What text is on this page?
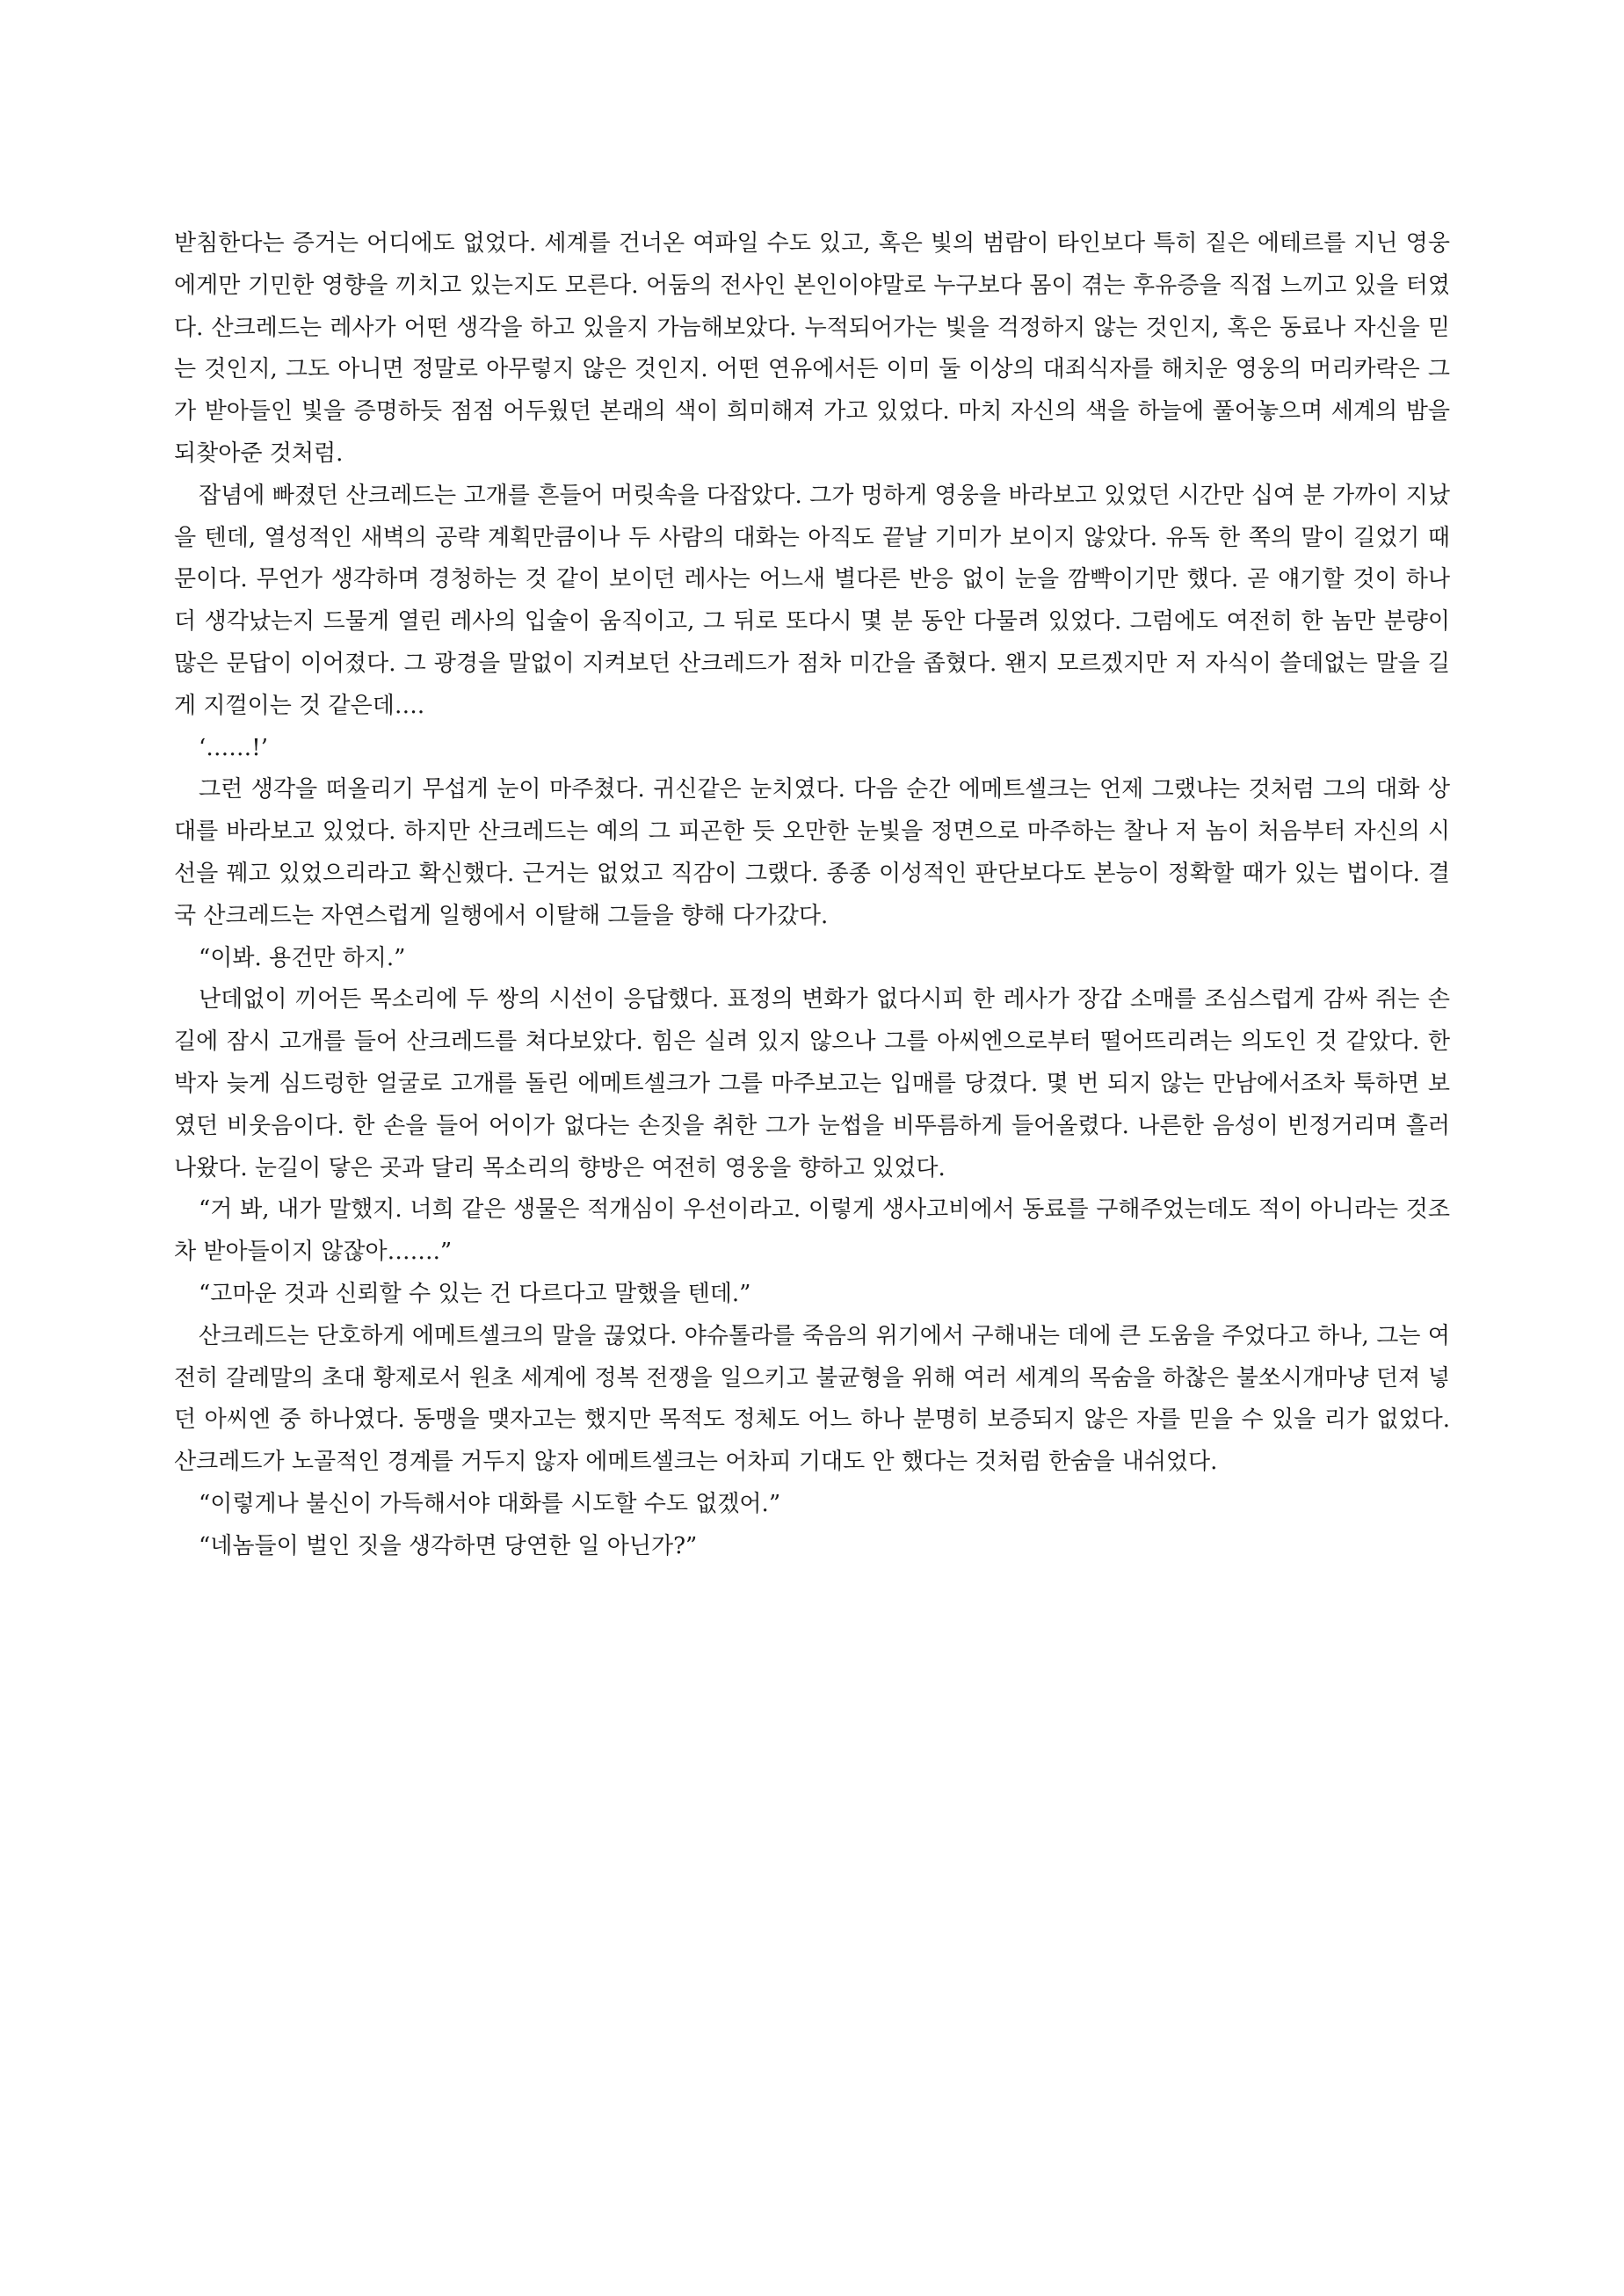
받침한다는 증거는 어디에도 없었다. 세계를 건너온 여파일 수도 있고, 혹은 빛의 범람이 타인보다 특히 짙은 에테르를 지닌 영웅에게만 기민한 영향을 끼치고 있는지도 모른다. 어둠의 전사인 본인이야말로 누구보다 몸이 겪는 후유증을 직접 느끼고 있을 터였다. 산크레드는 레사가 어떤 생각을 하고 있을지 가늠해보았다. 누적되어가는 빛을 걱정하지 않는 것인지, 혹은 동료나 자신을 믿는 것인지, 그도 아니면 정말로 아무렇지 않은 것인지. 어떤 연유에서든 이미 둘 이상의 대죄식자를 해치운 영웅의 머리카락은 그가 받아들인 빛을 증명하듯 점점 어두웠던 본래의 색이 희미해져 가고 있었다. 마치 자신의 색을 하늘에 풀어놓으며 세계의 밤을 되찾아준 것처럼.

잡념에 빠졌던 산크레드는 고개를 흔들어 머릿속을 다잡았다. 그가 멍하게 영웅을 바라보고 있었던 시간만 십여 분 가까이 지났을 텐데, 열성적인 새벽의 공략 계획만큼이나 두 사람의 대화는 아직도 끝날 기미가 보이지 않았다. 유독 한 쪽의 말이 길었기 때문이다. 무언가 생각하며 경청하는 것 같이 보이던 레사는 어느새 별다른 반응 없이 눈을 깜빡이기만 했다. 곧 얘기할 것이 하나 더 생각났는지 드물게 열린 레사의 입술이 움직이고, 그 뒤로 또다시 몇 분 동안 다물려 있었다. 그럼에도 여전히 한 놈만 분량이 많은 문답이 이어졌다. 그 광경을 말없이 지켜보던 산크레드가 점차 미간을 좁혔다. 왠지 모르겠지만 저 자식이 쓸데없는 말을 길게 지껄이는 것 같은데….

‘……!’

그런 생각을 떠올리기 무섭게 눈이 마주쳤다. 귀신같은 눈치였다. 다음 순간 에메트셀크는 언제 그랬냐는 것처럼 그의 대화 상대를 바라보고 있었다. 하지만 산크레드는 예의 그 피곤한 듯 오만한 눈빛을 정면으로 마주하는 찰나 저 놈이 처음부터 자신의 시선을 꿰고 있었으리라고 확신했다. 근거는 없었고 직감이 그랬다. 종종 이성적인 판단보다도 본능이 정확할 때가 있는 법이다. 결국 산크레드는 자연스럽게 일행에서 이탈해 그들을 향해 다가갔다.

“이봐. 용건만 하지.”

난데없이 끼어든 목소리에 두 쌍의 시선이 응답했다. 표정의 변화가 없다시피 한 레사가 장갑 소매를 조심스럽게 감싸 쥐는 손길에 잠시 고개를 들어 산크레드를 쳐다보았다. 힘은 실려 있지 않으나 그를 아씨엔으로부터 떨어뜨리려는 의도인 것 같았다. 한 박자 늦게 심드렁한 얼굴로 고개를 돌린 에메트셀크가 그를 마주보고는 입매를 당겼다. 몇 번 되지 않는 만남에서조차 툭하면 보였던 비웃음이다. 한 손을 들어 어이가 없다는 손짓을 취한 그가 눈썹을 비뚜름하게 들어올렸다. 나른한 음성이 빈정거리며 흘러나왔다. 눈길이 닿은 곳과 달리 목소리의 향방은 여전히 영웅을 향하고 있었다.

“거 봐, 내가 말했지. 너희 같은 생물은 적개심이 우선이라고. 이렇게 생사고비에서 동료를 구해주었는데도 적이 아니라는 것조차 받아들이지 않잖아…….”

“고마운 것과 신뢰할 수 있는 건 다르다고 말했을 텐데.”

산크레드는 단호하게 에메트셀크의 말을 끊었다. 야슈톨라를 죽음의 위기에서 구해내는 데에 큰 도움을 주었다고 하나, 그는 여전히 갈레말의 초대 황제로서 원초 세계에 정복 전쟁을 일으키고 불균형을 위해 여러 세계의 목숨을 하찮은 불쏘시개마냥 던져 넣던 아씨엔 중 하나였다. 동맹을 맺자고는 했지만 목적도 정체도 어느 하나 분명히 보증되지 않은 자를 믿을 수 있을 리가 없었다. 산크레드가 노골적인 경계를 거두지 않자 에메트셀크는 어차피 기대도 안 했다는 것처럼 한숨을 내쉬었다.

“이렇게나 불신이 가득해서야 대화를 시도할 수도 없겠어.”

“네놈들이 벌인 짓을 생각하면 당연한 일 아닌가?”
